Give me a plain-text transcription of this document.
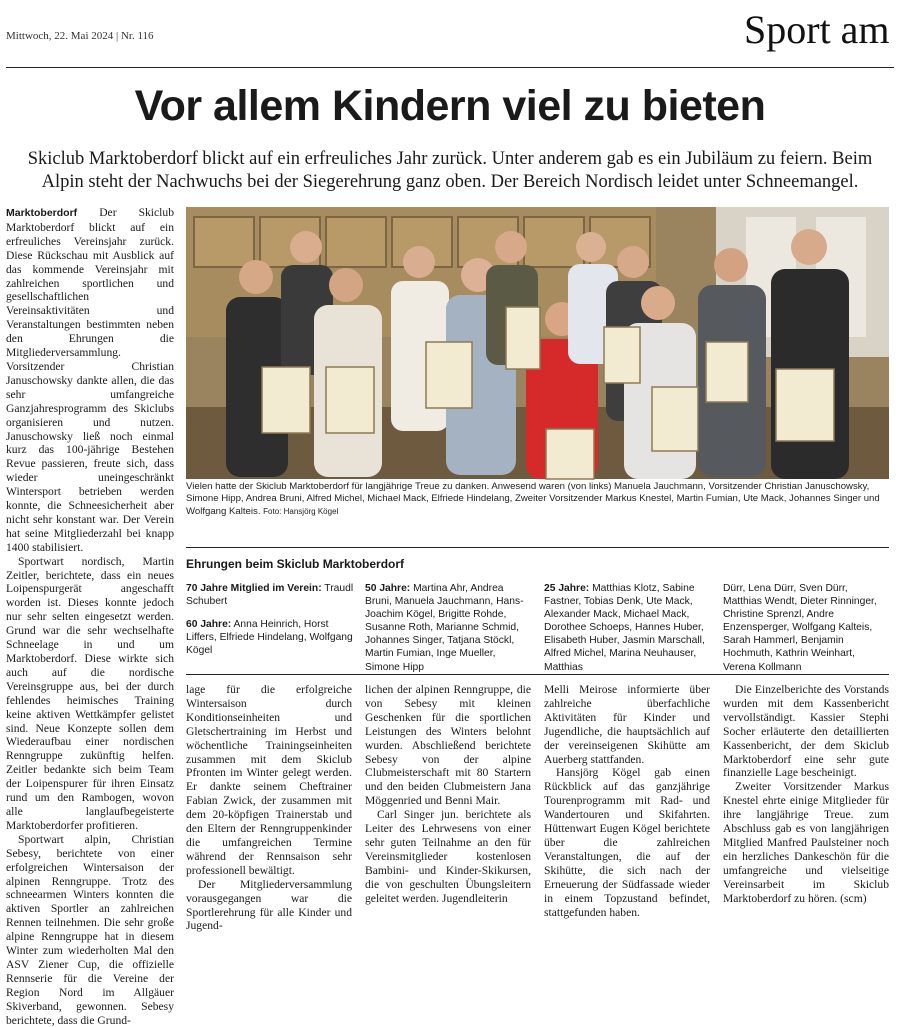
Mittwoch, 22. Mai 2024 | Nr. 116	Sport am
Vor allem Kindern viel zu bieten

Skiclub Marktoberdorf blickt auf ein erfreuliches Jahr zurück. Unter anderem gab es ein Jubiläum zu feiern. Beim Alpin steht der Nachwuchs bei der Siegerehrung ganz oben. Der Bereich Nordisch leidet unter Schneemangel.

Marktoberdorf Der Skiclub Marktoberdorf blickt auf ein erfreuliches Vereinsjahr zurück. Diese Rückschau mit Ausblick auf das kommende Vereinsjahr mit zahlreichen sportlichen und gesellschaftlichen Vereinsaktivitäten und Veranstaltungen bestimmten neben den Ehrungen die Mitgliederversammlung. Vorsitzender Christian Januschowsky dankte allen, die das sehr umfangreiche Ganzjahresprogramm des Skiclubs organisieren und nutzen. Januschowsky ließ noch einmal kurz das 100-jährige Bestehen Revue passieren, freute sich, dass wieder uneingeschränkt Wintersport betrieben werden konnte, die Schneesicherheit aber nicht sehr konstant war. Der Verein hat seine Mitgliederzahl bei knapp 1400 stabilisiert.

Sportwart nordisch, Martin Zeitler, berichtete, dass ein neues Loipenspurgerät angeschafft worden ist. Dieses konnte jedoch nur sehr selten eingesetzt werden. Grund war die sehr wechselhafte Schneelage in und um Marktoberdorf. Diese wirkte sich auch auf die nordische Vereinsgruppe aus, bei der durch fehlendes heimisches Training keine aktiven Wettkämpfer gelistet sind. Neue Konzepte sollen dem Wiederaufbau einer nordischen Renngruppe zukünftig helfen. Zeitler bedankte sich beim Team der Loipenspurer für ihren Einsatz rund um den Rambogen, wovon alle langlaufbegeisterte Marktoberdorfer profitieren.

Sportwart alpin, Christian Sebesy, berichtete von einer erfolgreichen Wintersaison der alpinen Renngruppe. Trotz des schneearmen Winters konnten die aktiven Sportler an zahlreichen Rennen teilnehmen. Die sehr große alpine Renngruppe hat in diesem Winter zum wiederholten Mal den ASV Ziener Cup, die offizielle Rennserie für die Vereine der Region Nord im Allgäuer Skiverband, gewonnen. Sebesy berichtete, dass die Grund-

Vielen hatte der Skiclub Marktoberdorf für langjährige Treue zu danken. Anwesend waren (von links) Manuela Jauchmann, Vorsitzender Christian Januschowsky, Simone Hipp, Andrea Bruni, Alfred Michel, Michael Mack, Elfriede Hindelang, Zweiter Vorsitzender Markus Knestel, Martin Fumian, Ute Mack, Johannes Singer und Wolfgang Kalteis. Foto: Hansjörg Kögel
Ehrungen beim Skiclub Marktoberdorf
70 Jahre Mitglied im Verein: Traudl Schubert
60 Jahre: Anna Heinrich, Horst Liffers, Elfriede Hindelang, Wolfgang Kögel
50 Jahre: Martina Ahr, Andrea Bruni, Manuela Jauchmann, Hans-Joachim Kögel, Brigitte Rohde, Susanne Roth, Marianne Schmid, Johannes Singer, Tatjana Stöckl, Martin Fumian, Inge Mueller, Simone Hipp
25 Jahre: Matthias Klotz, Sabine Fastner, Tobias Denk, Ute Mack, Alexander Mack, Michael Mack, Dorothee Schoeps, Hannes Huber, Elisabeth Huber, Jasmin Marschall, Alfred Michel, Marina Neuhauser, Matthias
Dürr, Lena Dürr, Sven Dürr, Matthias Wendt, Dieter Rinninger, Christine Sprenzl, Andre Enzensperger, Wolfgang Kalteis, Sarah Hammerl, Benjamin Hochmuth, Kathrin Weinhart, Verena Kollmann

lage für die erfolgreiche Wintersaison durch Konditionseinheiten und Gletschertraining im Herbst und wöchentliche Trainingseinheiten zusammen mit dem Skiclub Pfronten im Winter gelegt werden. Er dankte seinem Cheftrainer Fabian Zwick, der zusammen mit dem 20-köpfigen Trainerstab und den Eltern der Renngruppenkinder die umfangreichen Termine während der Rennsaison sehr professionell bewältigt.

Der Mitgliederversammlung vorausgegangen war die Sportlerehrung für alle Kinder und Jugend-

lichen der alpinen Renngruppe, die von Sebesy mit kleinen Geschenken für die sportlichen Leistungen des Winters belohnt wurden. Abschließend berichtete Sebesy von der alpine Clubmeisterschaft mit 80 Startern und den beiden Clubmeistern Jana Möggenried und Benni Mair.

Carl Singer jun. berichtete als Leiter des Lehrwesens von einer sehr guten Teilnahme an den für Vereinsmitglieder kostenlosen Bambini- und Kinder-Skikursen, die von geschulten Übungsleitern geleitet werden. Jugendleiterin

Melli Meirose informierte über zahlreiche überfachliche Aktivitäten für Kinder und Jugendliche, die hauptsächlich auf der vereinseigenen Skihütte am Auerberg stattfanden.

Hansjörg Kögel gab einen Rückblick auf das ganzjährige Tourenprogramm mit Rad- und Wandertouren und Skifahrten. Hüttenwart Eugen Kögel berichtete über die zahlreichen Veranstaltungen, die auf der Skihütte, die sich nach der Erneuerung der Südfassade wieder in einem Topzustand befindet, stattgefunden haben.

Die Einzelberichte des Vorstands wurden mit dem Kassenbericht vervollständigt. Kassier Stephi Socher erläuterte den detaillierten Kassenbericht, der dem Skiclub Marktoberdorf eine sehr gute finanzielle Lage bescheinigt.

Zweiter Vorsitzender Markus Knestel ehrte einige Mitglieder für ihre langjährige Treue. zum Abschluss gab es von langjährigen Mitglied Manfred Paulsteiner noch ein herzliches Dankeschön für die umfangreiche und vielseitige Vereinsarbeit im Skiclub Marktoberdorf zu hören. (scm)
